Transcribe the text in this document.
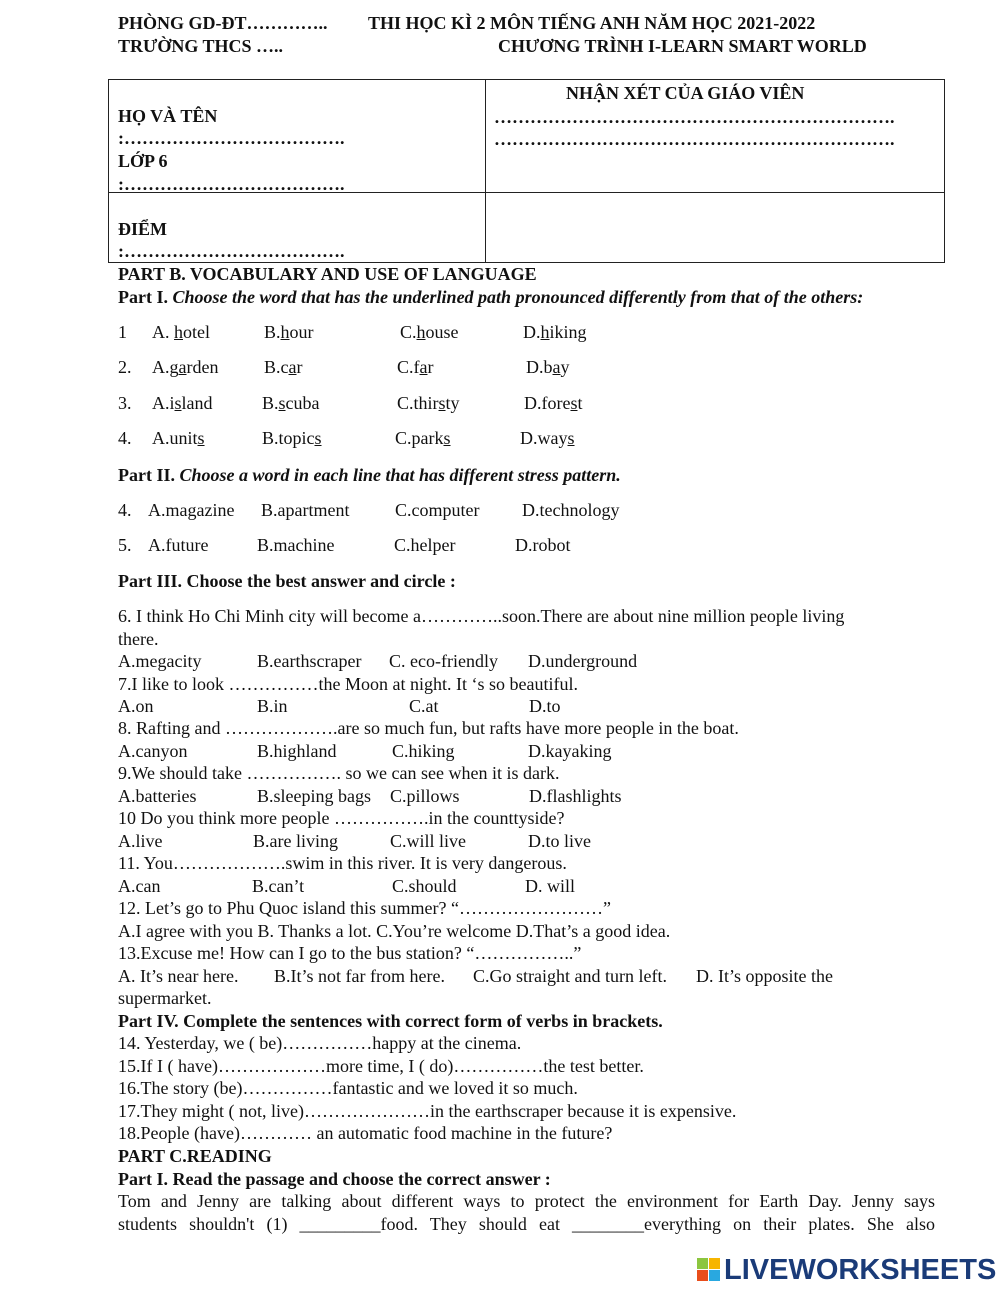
PHÒNG GD-ĐT………….. THI HỌC KÌ 2 MÔN TIẾNG ANH NĂM HỌC 2021-2022
TRƯỜNG THCS …..	CHƯƠNG TRÌNH I-LEARN SMART WORLD
HỌ VÀ TÊN
:……………………………….
LỚP 6
:……………………………….
ĐIỂM
:……………………………….
NHẬN XÉT CỦA GIÁO VIÊN
………………………………………………………….
………………………………………………………….
PART B. VOCABULARY AND USE OF LANGUAGE
Part I. Choose the word that has the underlined path pronounced differently from that of the others:
1 A. hotel	B.hour	C.house	D.hiking
2. A.garden	B.car	C.far	D.bay
3. A.island	B.scuba	C.thirsty	D.forest
4. A.units	B.topics	C.parks	D.ways
Part II. Choose a word in each line that has different stress pattern.
4. A.magazine B.apartment	C.computer D.technology
5. A.future	B.machine	C.helper	D.robot
Part III. Choose the best answer and circle :
6. I think Ho Chi Minh city will become a…………..soon.There are about nine million people living
there.
A.megacity	B.earthscraper C. eco-friendly D.underground
7.I like to look ……………the Moon at night. It ‘s so beautiful.
A.on	B.in	C.at	D.to
8. Rafting and ……………….are so much fun, but rafts have more people in the boat.
A.canyon	B.highland	C.hiking	D.kayaking
9.We should take ……………. so we can see when it is dark.
A.batteries	B.sleeping bags C.pillows	D.flashlights
10 Do you think more people …………….in the counttyside?
A.live	B.are living	C.will live	D.to live
11. You……………….swim in this river. It is very dangerous.
A.can	B.can’t	C.should	D. will
12. Let’s go to Phu Quoc island this summer? “……………………”
A.I agree with you B. Thanks a lot. C.You’re welcome D.That’s a good idea.
13.Excuse me! How can I go to the bus station? “……………..”
A. It’s near here. B.It’s not far from here. C.Go straight and turn left. D. It’s opposite the
supermarket.
Part IV. Complete the sentences with correct form of verbs in brackets.
14. Yesterday, we ( be)……………happy at the cinema.
15.If I ( have)………………more time, I ( do)……………the test better.
16.The story (be)……………fantastic and we loved it so much.
17.They might ( not, live)…………………in the earthscraper because it is expensive.
18.People (have)………… an automatic food machine in the future?
PART C.READING
Part I. Read the passage and choose the correct answer :
Tom and Jenny are talking about different ways to protect the environment for Earth Day. Jenny says
students shouldn't (1) _________food. They should eat ________everything on their plates. She also
LIVEWORKSHEETS
